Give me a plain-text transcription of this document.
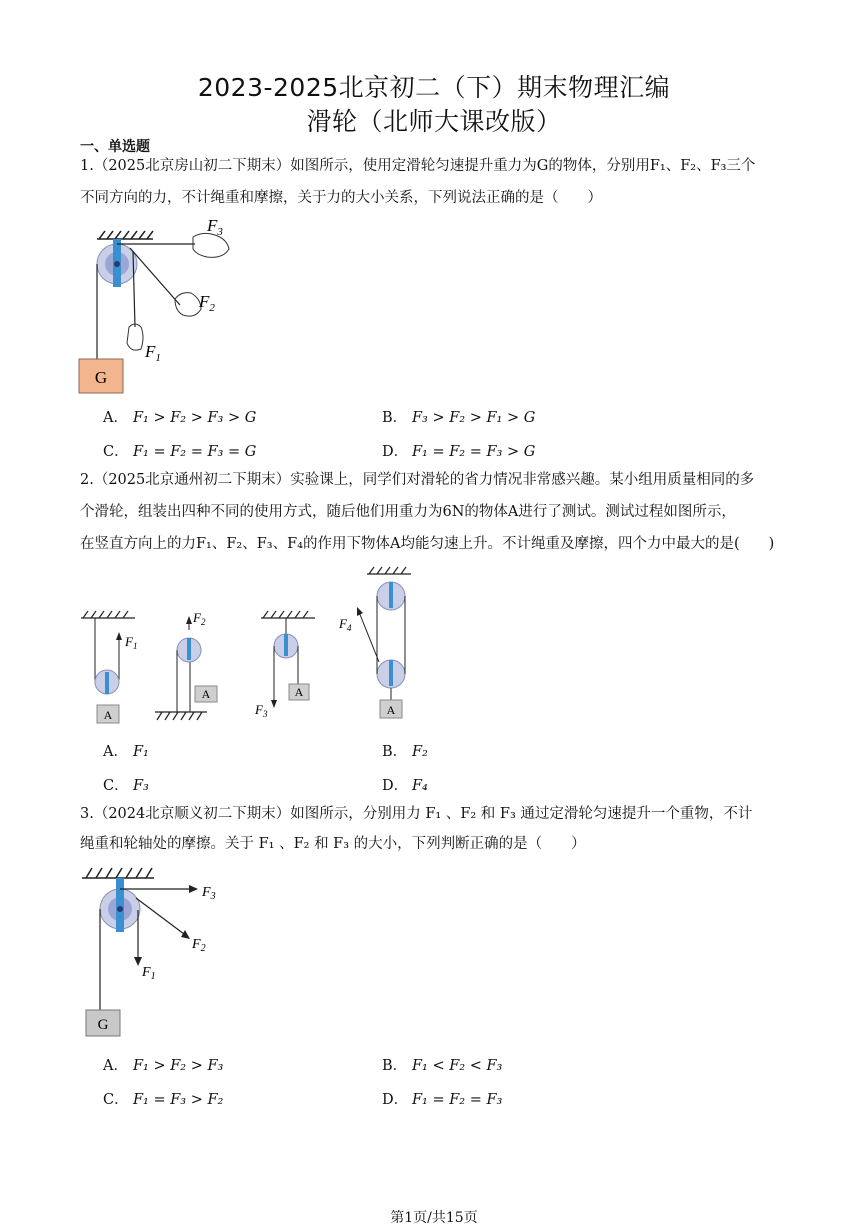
2023-2025北京初二（下）期末物理汇编
滑轮（北师大课改版）
一、单选题
1.（2025北京房山初二下期末）如图所示，使用定滑轮匀速提升重力为G的物体，分别用F₁、F₂、F₃三个
不同方向的力，不计绳重和摩擦，关于力的大小关系，下列说法正确的是（　　）
$F_3$
$F_2$
$F_1$
G
A． F₁ > F₂ > F₃ > G	B． F₃ > F₂ > F₁ > G
C． F₁ = F₂ = F₃ = G	D． F₁ = F₂ = F₃ > G
2.（2025北京通州初二下期末）实验课上，同学们对滑轮的省力情况非常感兴趣。某小组用质量相同的多
个滑轮，组装出四种不同的使用方式，随后他们用重力为6N的物体A进行了测试。测试过程如图所示，
在竖直方向上的力F₁、F₂、F₃、F₄的作用下物体A均能匀速上升。不计绳重及摩擦，四个力中最大的是(　　)
A
$F_1$
A
$F_2$
A
$F_3$	A
$F_4$
A． F₁	B． F₂
C． F₃	D． F₄
3.（2024北京顺义初二下期末）如图所示，分别用力 F₁ 、F₂ 和 F₃ 通过定滑轮匀速提升一个重物，不计
绳重和轮轴处的摩擦。关于 F₁ 、F₂ 和 F₃ 的大小，下列判断正确的是（　　）
$F_3$
$F_2$
$F_1$
G
A． F₁ > F₂ > F₃	B． F₁ < F₂ < F₃
C． F₁ = F₃ > F₂	D． F₁ = F₂ = F₃
第1页/共15页
